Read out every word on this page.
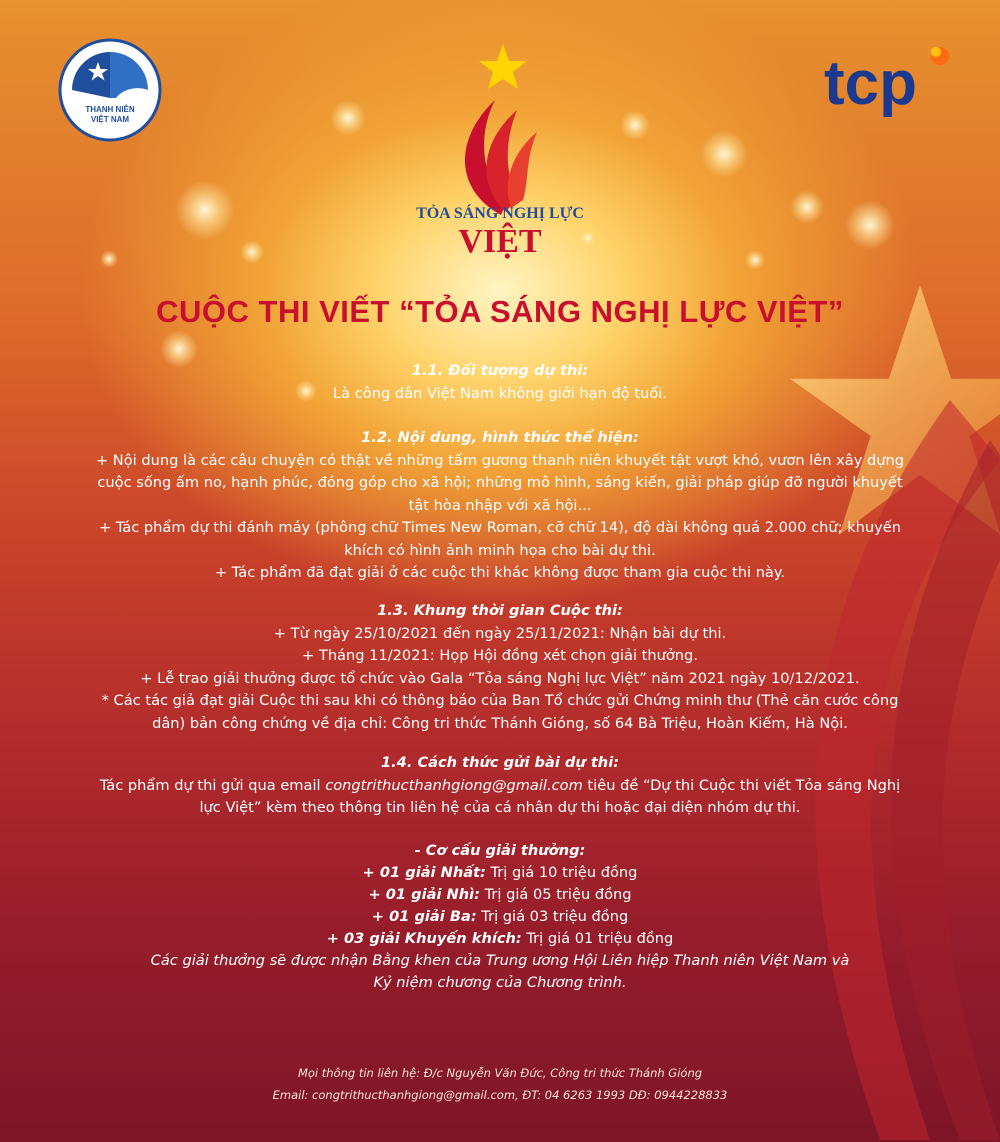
THANH NIÊN
VIỆT NAM
tcp
TỎA SÁNG NGHỊ LỰC
VIỆT
CUỘC THI VIẾT “TỎA SÁNG NGHỊ LỰC VIỆT”

1.1. Đối tượng dự thi:

Là công dân Việt Nam không giới hạn độ tuổi.

1.2. Nội dung, hình thức thể hiện:

+ Nội dung là các câu chuyện có thật về những tấm gương thanh niên khuyết tật vượt khó, vươn lên xây dựng

cuộc sống ấm no, hạnh phúc, đóng góp cho xã hội; những mô hình, sáng kiến, giải pháp giúp đỡ người khuyết

tật hòa nhập với xã hội...

+ Tác phẩm dự thi đánh máy (phông chữ Times New Roman, cỡ chữ 14), độ dài không quá 2.000 chữ; khuyến

khích có hình ảnh minh họa cho bài dự thi.

+ Tác phẩm đã đạt giải ở các cuộc thi khác không được tham gia cuộc thi này.

1.3. Khung thời gian Cuộc thi:

+ Từ ngày 25/10/2021 đến ngày 25/11/2021: Nhận bài dự thi.

+ Tháng 11/2021: Họp Hội đồng xét chọn giải thưởng.

+ Lễ trao giải thưởng được tổ chức vào Gala “Tỏa sáng Nghị lực Việt” năm 2021 ngày 10/12/2021.

* Các tác giả đạt giải Cuộc thi sau khi có thông báo của Ban Tổ chức gửi Chứng minh thư (Thẻ căn cước công

dân) bản công chứng về địa chỉ: Công tri thức Thánh Gióng, số 64 Bà Triệu, Hoàn Kiếm, Hà Nội.

1.4. Cách thức gửi bài dự thi:

Tác phẩm dự thi gửi qua email congtrithucthanhgiong@gmail.com tiêu đề “Dự thi Cuộc thi viết Tỏa sáng Nghị

lực Việt” kèm theo thông tin liên hệ của cá nhân dự thi hoặc đại diện nhóm dự thi.

- Cơ cấu giải thưởng:

+ 01 giải Nhất: Trị giá 10 triệu đồng

+ 01 giải Nhì: Trị giá 05 triệu đồng

+ 01 giải Ba: Trị giá 03 triệu đồng

+ 03 giải Khuyến khích: Trị giá 01 triệu đồng

Các giải thưởng sẽ được nhận Bằng khen của Trung ương Hội Liên hiệp Thanh niên Việt Nam và

Kỷ niệm chương của Chương trình.

Mọi thông tin liên hệ: Đ/c Nguyễn Văn Đức, Công tri thức Thánh Gióng

Email: congtrithucthanhgiong@gmail.com, ĐT: 04 6263 1993 DĐ: 0944228833
